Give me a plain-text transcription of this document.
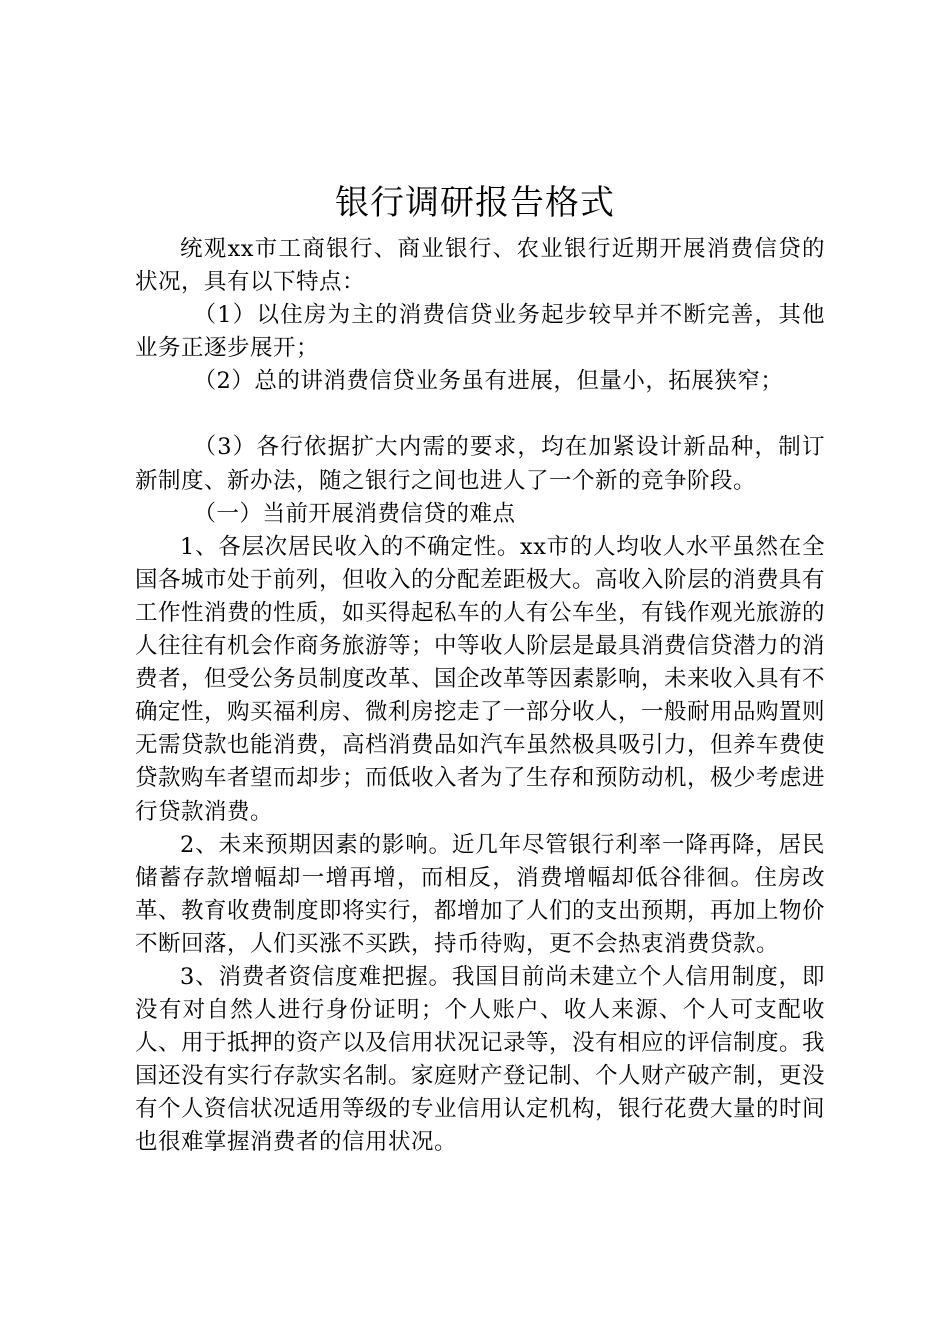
银行调研报告格式

统观xx市工商银行、商业银行、农业银行近期开展消费信贷的状况，具有以下特点：

（1）以住房为主的消费信贷业务起步较早并不断完善，其他业务正逐步展开；

（2）总的讲消费信贷业务虽有进展，但量小，拓展狭窄；

（3）各行依据扩大内需的要求，均在加紧设计新品种，制订新制度、新办法，随之银行之间也进人了一个新的竞争阶段。

（一）当前开展消费信贷的难点

1、各层次居民收入的不确定性。xx市的人均收人水平虽然在全国各城市处于前列，但收入的分配差距极大。高收入阶层的消费具有工作性消费的性质，如买得起私车的人有公车坐，有钱作观光旅游的人往往有机会作商务旅游等；中等收人阶层是最具消费信贷潜力的消费者，但受公务员制度改革、国企改革等因素影响，未来收入具有不确定性，购买福利房、微利房挖走了一部分收人，一般耐用品购置则无需贷款也能消费，高档消费品如汽车虽然极具吸引力，但养车费使贷款购车者望而却步；而低收入者为了生存和预防动机，极少考虑进行贷款消费。

2、未来预期因素的影响。近几年尽管银行利率一降再降，居民储蓄存款增幅却一增再增，而相反，消费增幅却低谷徘徊。住房改革、教育收费制度即将实行，都增加了人们的支出预期，再加上物价不断回落，人们买涨不买跌，持币待购，更不会热衷消费贷款。

3、消费者资信度难把握。我国目前尚未建立个人信用制度，即没有对自然人进行身份证明；个人账户、收人来源、个人可支配收人、用于抵押的资产以及信用状况记录等，没有相应的评信制度。我国还没有实行存款实名制。家庭财产登记制、个人财产破产制，更没有个人资信状况适用等级的专业信用认定机构，银行花费大量的时间也很难掌握消费者的信用状况。
